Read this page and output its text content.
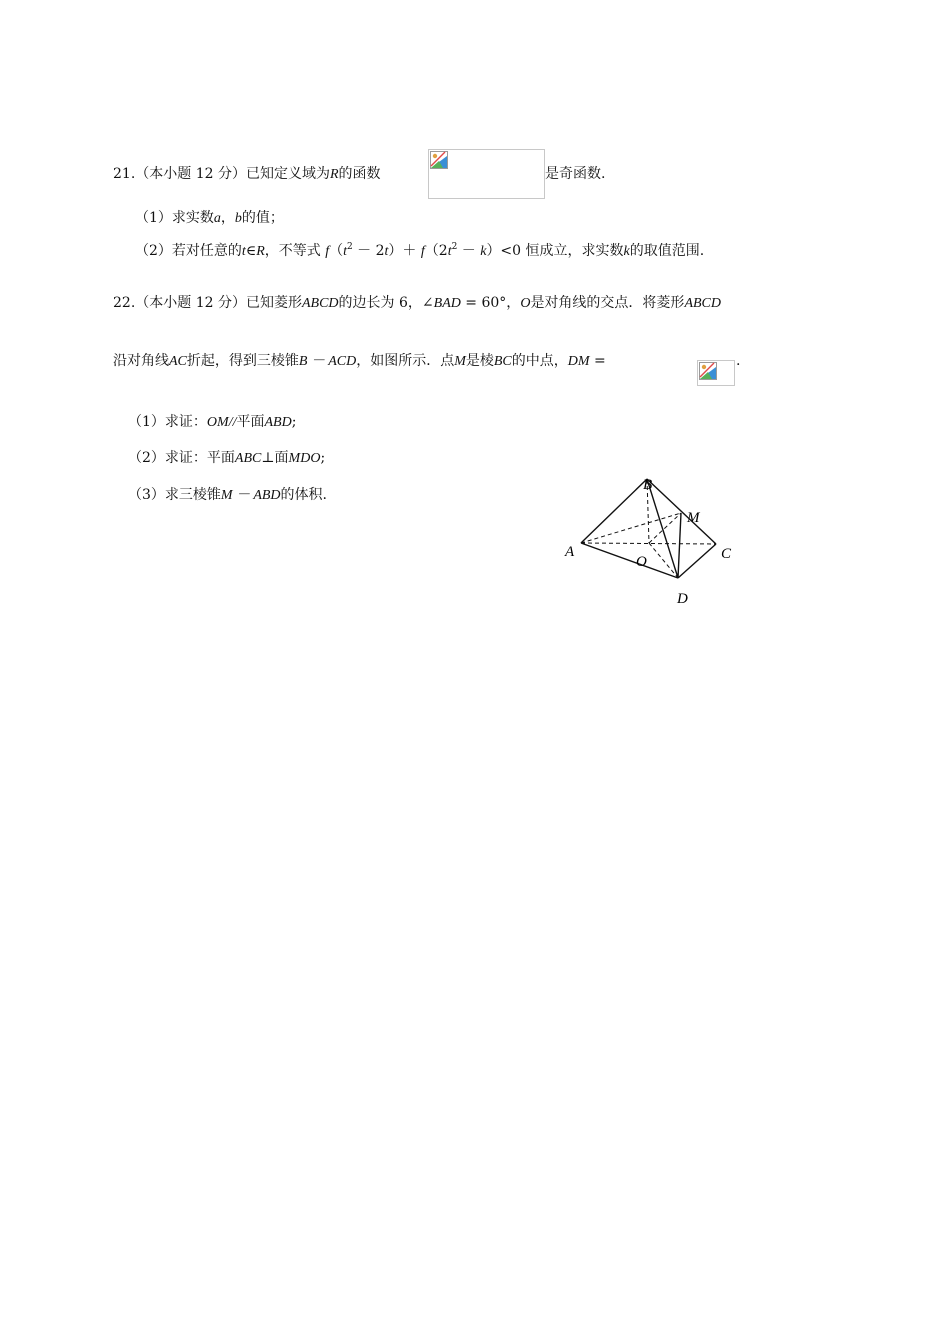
21.（本小题 12 分）已知定义域为R的函数	是奇函数.
（1）求实数a，b的值；
（2）若对任意的t∈R，不等式 $f(t^2 - 2t)+ f(2t^2 - k)<0$ 恒成立，求实数k的取值范围.
22.（本小题 12 分）已知菱形ABCD的边长为 6，∠BAD = 60°，O是对角线的交点．将菱形ABCD
沿对角线AC折起，得到三棱锥B － ACD，如图所示．点M是棱BC的中点，DM =	.
（1）求证：OM//平面ABD;
（2）求证：平面ABC⊥面MDO;
（3）求三棱锥M － ABD的体积.
B
M
A
O	C
D
